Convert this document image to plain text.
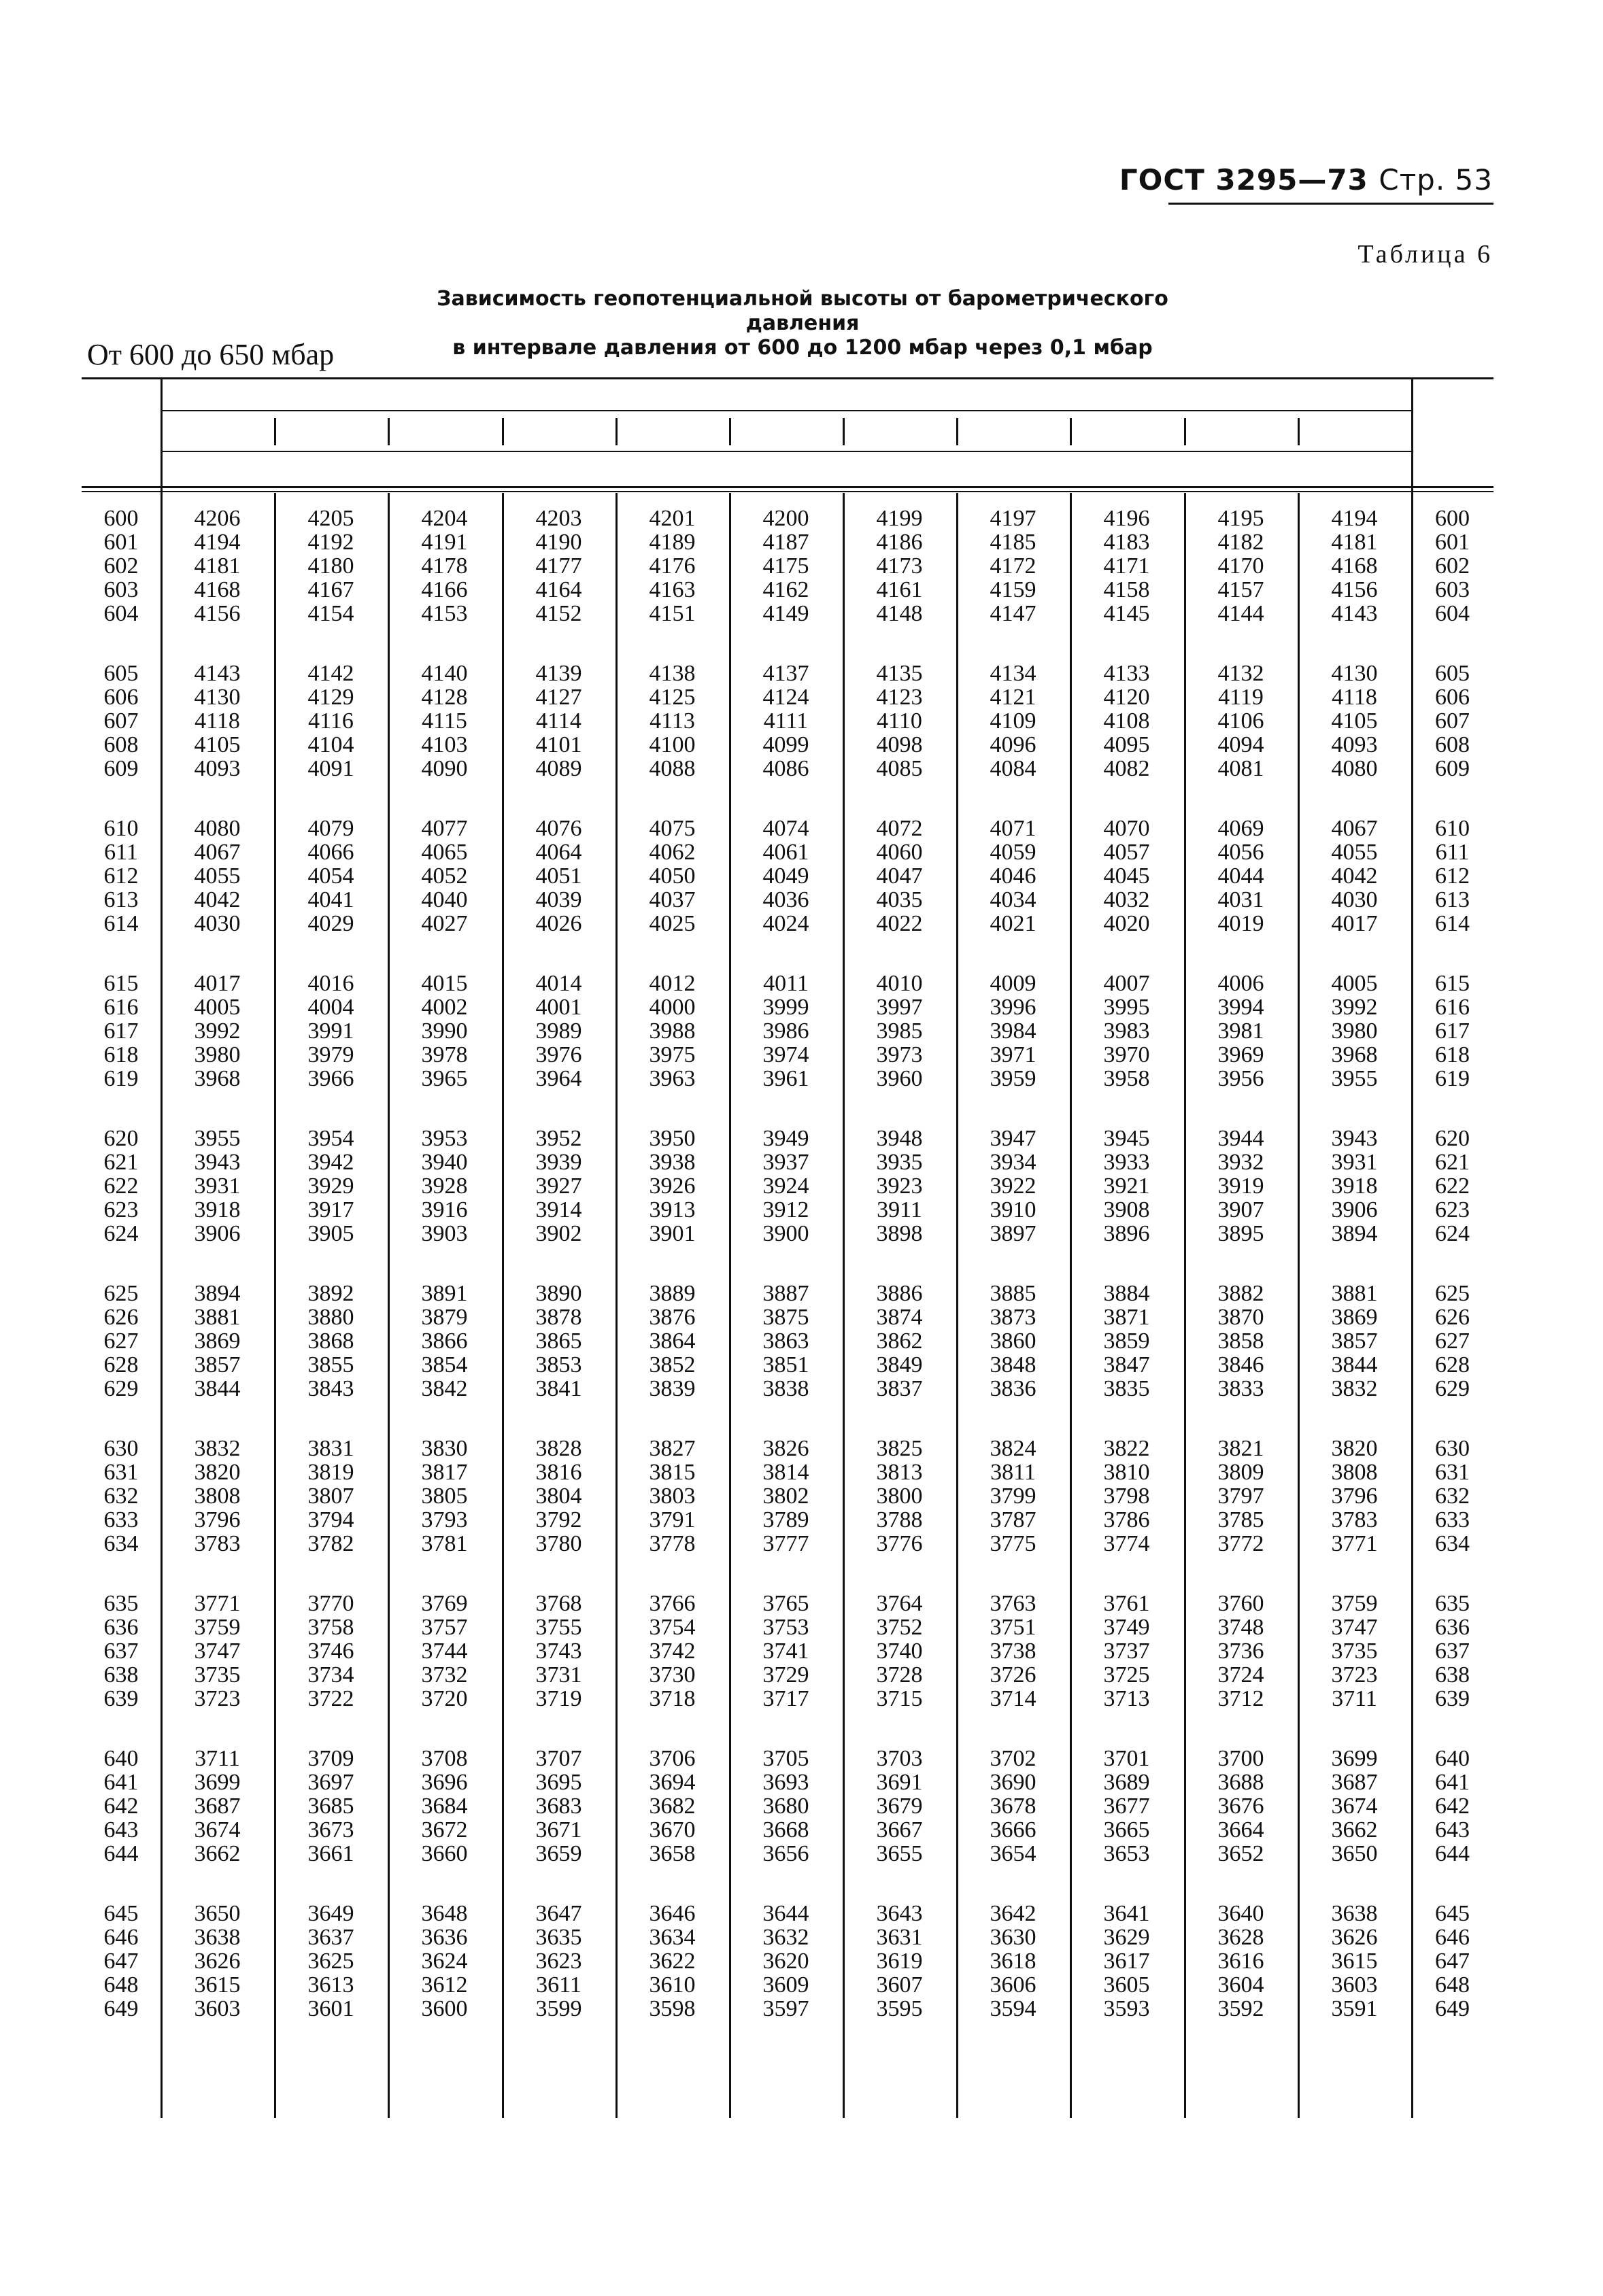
ГОСТ 3295—73 Стр. 53
Таблица 6
Зависимость геопотенциальной высоты от барометрического давления
в интервале давления от 600 до 1200 мбар через 0,1 мбар
От 600 до 650 мбар
600
601
602
603
604
600
601
602
603
604
4206
4194
4181
4168
4156
4205
4192
4180
4167
4154
4204
4191
4178
4166
4153
4203
4190
4177
4164
4152
4201
4189
4176
4163
4151
4200
4187
4175
4162
4149
4199
4186
4173
4161
4148
4197
4185
4172
4159
4147
4196
4183
4171
4158
4145
4195
4182
4170
4157
4144
4194
4181
4168
4156
4143
605
606
607
608
609
605
606
607
608
609
4143
4130
4118
4105
4093
4142
4129
4116
4104
4091
4140
4128
4115
4103
4090
4139
4127
4114
4101
4089
4138
4125
4113
4100
4088
4137
4124
4111
4099
4086
4135
4123
4110
4098
4085
4134
4121
4109
4096
4084
4133
4120
4108
4095
4082
4132
4119
4106
4094
4081
4130
4118
4105
4093
4080
610
611
612
613
614
610
611
612
613
614
4080
4067
4055
4042
4030
4079
4066
4054
4041
4029
4077
4065
4052
4040
4027
4076
4064
4051
4039
4026
4075
4062
4050
4037
4025
4074
4061
4049
4036
4024
4072
4060
4047
4035
4022
4071
4059
4046
4034
4021
4070
4057
4045
4032
4020
4069
4056
4044
4031
4019
4067
4055
4042
4030
4017
615
616
617
618
619
615
616
617
618
619
4017
4005
3992
3980
3968
4016
4004
3991
3979
3966
4015
4002
3990
3978
3965
4014
4001
3989
3976
3964
4012
4000
3988
3975
3963
4011
3999
3986
3974
3961
4010
3997
3985
3973
3960
4009
3996
3984
3971
3959
4007
3995
3983
3970
3958
4006
3994
3981
3969
3956
4005
3992
3980
3968
3955
620
621
622
623
624
620
621
622
623
624
3955
3943
3931
3918
3906
3954
3942
3929
3917
3905
3953
3940
3928
3916
3903
3952
3939
3927
3914
3902
3950
3938
3926
3913
3901
3949
3937
3924
3912
3900
3948
3935
3923
3911
3898
3947
3934
3922
3910
3897
3945
3933
3921
3908
3896
3944
3932
3919
3907
3895
3943
3931
3918
3906
3894
625
626
627
628
629
625
626
627
628
629
3894
3881
3869
3857
3844
3892
3880
3868
3855
3843
3891
3879
3866
3854
3842
3890
3878
3865
3853
3841
3889
3876
3864
3852
3839
3887
3875
3863
3851
3838
3886
3874
3862
3849
3837
3885
3873
3860
3848
3836
3884
3871
3859
3847
3835
3882
3870
3858
3846
3833
3881
3869
3857
3844
3832
630
631
632
633
634
630
631
632
633
634
3832
3820
3808
3796
3783
3831
3819
3807
3794
3782
3830
3817
3805
3793
3781
3828
3816
3804
3792
3780
3827
3815
3803
3791
3778
3826
3814
3802
3789
3777
3825
3813
3800
3788
3776
3824
3811
3799
3787
3775
3822
3810
3798
3786
3774
3821
3809
3797
3785
3772
3820
3808
3796
3783
3771
635
636
637
638
639
635
636
637
638
639
3771
3759
3747
3735
3723
3770
3758
3746
3734
3722
3769
3757
3744
3732
3720
3768
3755
3743
3731
3719
3766
3754
3742
3730
3718
3765
3753
3741
3729
3717
3764
3752
3740
3728
3715
3763
3751
3738
3726
3714
3761
3749
3737
3725
3713
3760
3748
3736
3724
3712
3759
3747
3735
3723
3711
640
641
642
643
644
640
641
642
643
644
3711
3699
3687
3674
3662
3709
3697
3685
3673
3661
3708
3696
3684
3672
3660
3707
3695
3683
3671
3659
3706
3694
3682
3670
3658
3705
3693
3680
3668
3656
3703
3691
3679
3667
3655
3702
3690
3678
3666
3654
3701
3689
3677
3665
3653
3700
3688
3676
3664
3652
3699
3687
3674
3662
3650
645
646
647
648
649
645
646
647
648
649
3650
3638
3626
3615
3603
3649
3637
3625
3613
3601
3648
3636
3624
3612
3600
3647
3635
3623
3611
3599
3646
3634
3622
3610
3598
3644
3632
3620
3609
3597
3643
3631
3619
3607
3595
3642
3630
3618
3606
3594
3641
3629
3617
3605
3593
3640
3628
3616
3604
3592
3638
3626
3615
3603
3591
